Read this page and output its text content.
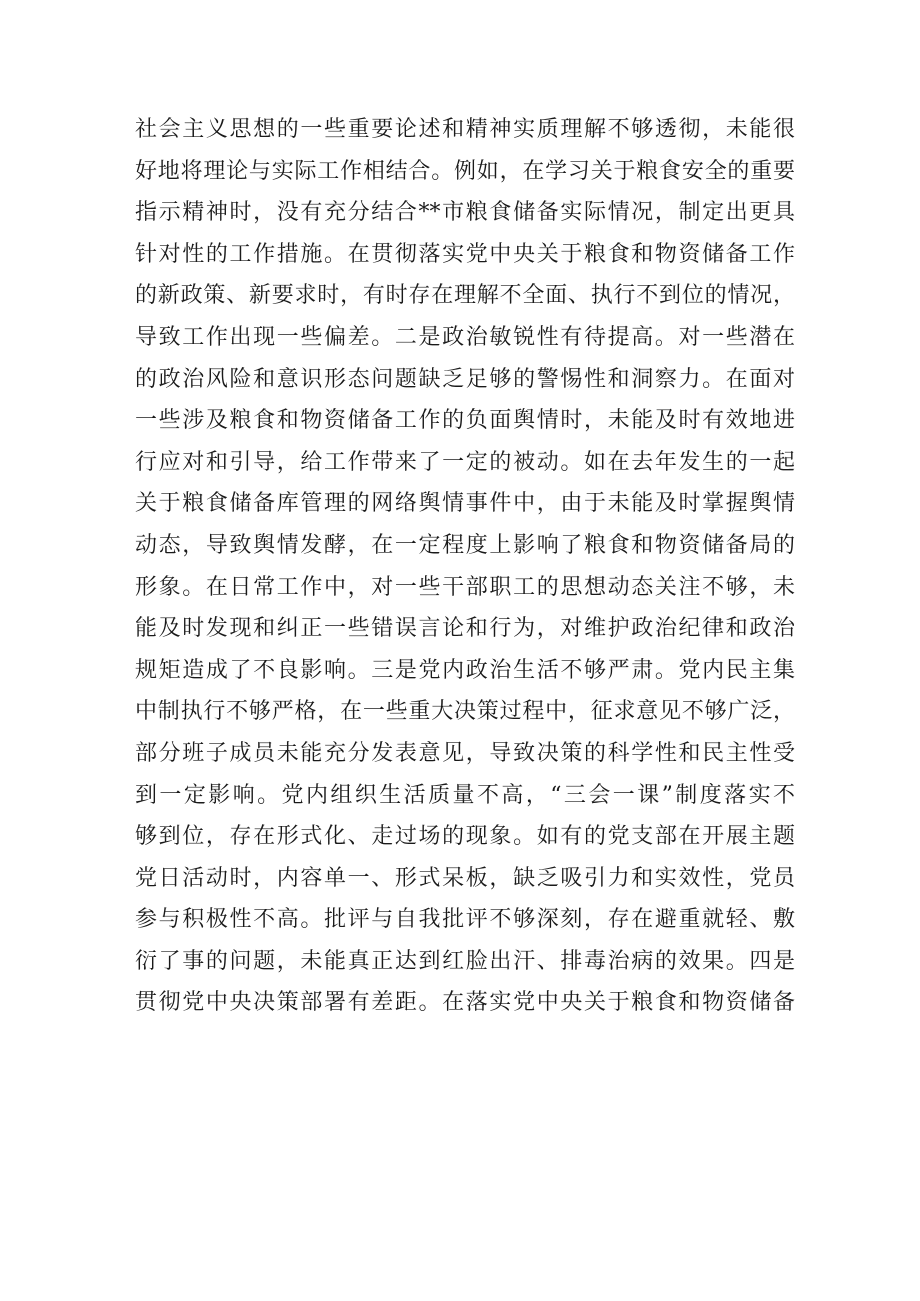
社会主义思想的一些重要论述和精神实质理解不够透彻，未能很
好地将理论与实际工作相结合。例如，在学习关于粮食安全的重要
指示精神时，没有充分结合**市粮食储备实际情况，制定出更具
针对性的工作措施。在贯彻落实党中央关于粮食和物资储备工作
的新政策、新要求时，有时存在理解不全面、执行不到位的情况，
导致工作出现一些偏差。二是政治敏锐性有待提高。对一些潜在
的政治风险和意识形态问题缺乏足够的警惕性和洞察力。在面对
一些涉及粮食和物资储备工作的负面舆情时，未能及时有效地进
行应对和引导，给工作带来了一定的被动。如在去年发生的一起
关于粮食储备库管理的网络舆情事件中，由于未能及时掌握舆情
动态，导致舆情发酵，在一定程度上影响了粮食和物资储备局的
形象。在日常工作中，对一些干部职工的思想动态关注不够，未
能及时发现和纠正一些错误言论和行为，对维护政治纪律和政治
规矩造成了不良影响。三是党内政治生活不够严肃。党内民主集
中制执行不够严格，在一些重大决策过程中，征求意见不够广泛，
部分班子成员未能充分发表意见，导致决策的科学性和民主性受
到一定影响。党内组织生活质量不高，“三会一课”制度落实不
够到位，存在形式化、走过场的现象。如有的党支部在开展主题
党日活动时，内容单一、形式呆板，缺乏吸引力和实效性，党员
参与积极性不高。批评与自我批评不够深刻，存在避重就轻、敷
衍了事的问题，未能真正达到红脸出汗、排毒治病的效果。四是
贯彻党中央决策部署有差距。在落实党中央关于粮食和物资储备
